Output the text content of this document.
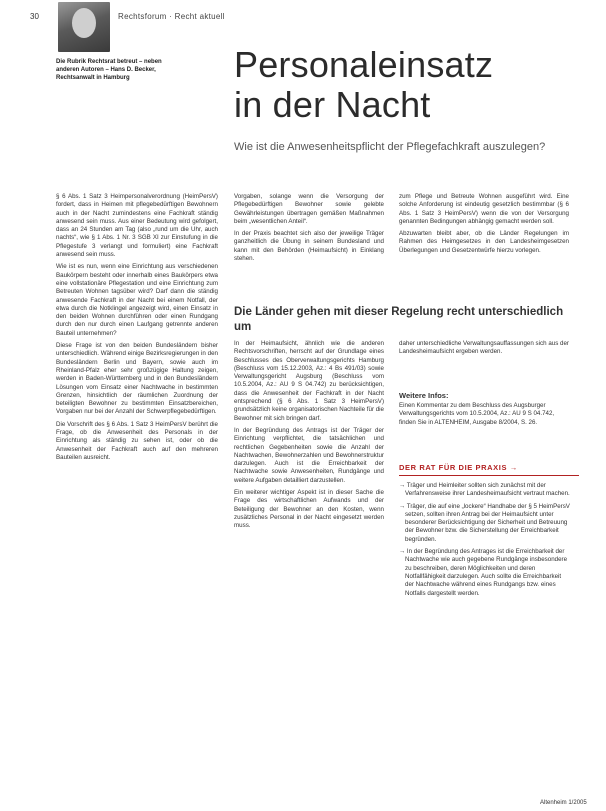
30	Rechtsforum · Recht aktuell
Die Rubrik Rechtsrat betreut – neben anderen Autoren – Hans D. Becker, Rechtsanwalt in Hamburg	Personaleinsatz
in der Nacht
Wie ist die Anwesenheitspflicht der Pflegefachkraft auszulegen?

§ 6 Abs. 1 Satz 3 Heimpersonalverordnung (HeimPersV) fordert, dass in Heimen mit pflegebedürftigen Bewohnern auch in der Nacht zumindestens eine Fachkraft ständig anwesend sein muss. Aus einer Bedeutung wird gefolgert, dass an 24 Stunden am Tag (also „rund um die Uhr, auch nachts“, wie § 1 Abs. 1 Nr. 3 SGB XI zur Einstufung in die Pflegestufe 3 verlangt und formuliert) eine Fachkraft anwesend sein muss.

Wie ist es nun, wenn eine Einrichtung aus verschiedenen Baukörpern besteht oder innerhalb eines Baukörpers etwa eine vollstationäre Pflegestation und eine Einrichtung zum Betreuten Wohnen tagsüber wird? Darf dann die ständig anwesende Fachkraft in der Nacht bei einem Notfall, der etwa durch die Notklingel angezeigt wird, einen Einsatz in den beiden Wohnen durchführen oder einen Rundgang durch den nur durch einen Laufgang getrennte anderen Bauteil unternehmen?

Diese Frage ist von den beiden Bundesländern bisher unterschiedlich. Während einige Bezirksregierungen in den Bundesländern Berlin und Bayern, sowie auch im Rheinland-Pfalz eher sehr großzügige Haltung zeigen, werden in Baden-Württemberg und in den Bundesländern Lösungen vom Einsatz einer Nachtwache in bestimmten Grenzen, hinsichtlich der räumlichen Zuordnung der beteiligten Bewohner zu bestimmten Einsatzbereichen, Vorgaben nur bei der Anzahl der Schwerpflegebedürftigen.

Die Vorschrift des § 6 Abs. 1 Satz 3 HeimPersV berührt die Frage, ob die Anwesenheit des Personals in der Einrichtung als ständig zu sehen ist, oder ob die Anwesenheit der Fachkraft auch auf den mehreren Bauteilen ausreicht.

Vorgaben, solange wenn die Versorgung der Pflegebedürftigen Bewohner sowie gelebte Gewährleistungen übertragen gemäßen Maßnahmen beim „wesentlichen Anteil“.

In der Praxis beachtet sich also der jeweilige Träger ganzheitlich die Übung in seinem Bundesland und kann mit den Behörden (Heimaufsicht) in Einklang stehen.

zum Pflege und Betreute Wohnen ausgeführt wird. Eine solche Anforderung ist eindeutig gesetzlich bestimmbar (§ 6 Abs. 1 Satz 3 HeimPersV) wenn die von der Versorgung genannten Bedingungen abhängig gemacht werden soll.

Abzuwarten bleibt aber, ob die Länder Regelungen im Rahmen des Heimgesetzes in den Landesheimgesetzen Überlegungen und Gesetzentwürfe hierzu vorlegen.

Die Länder gehen mit dieser Regelung recht unterschiedlich um

In der Heimaufsicht, ähnlich wie die anderen Rechtsvorschriften, herrscht auf der Grundlage eines Beschlusses des Oberverwaltungsgerichts Hamburg (Beschluss vom 15.12.2003, Az.: 4 Bs 491/03) sowie Verwaltungsgericht Augsburg (Beschluss vom 10.5.2004, Az.: AU 9 S 04.742) zu berücksichtigen, dass die Anwesenheit der Fachkraft in der Nacht entsprechend (§ 6 Abs. 1 Satz 3 HeimPersV) grundsätzlich keine organisatorischen Nachteile für die Bewohner mit sich bringen darf.

In der Begründung des Antrags ist der Träger der Einrichtung verpflichtet, die tatsächlichen und rechtlichen Gegebenheiten sowie die Anzahl der Nachtwachen, Bewohnerzahlen und Bewohnerstruktur darzulegen. Auch ist die Erreichbarkeit der Nachtwache sowie Anwesenheiten, Rundgänge und weitere Aufgaben detailliert darzustellen.

Ein weiterer wichtiger Aspekt ist in dieser Sache die Frage des wirtschaftlichen Aufwands und der Beteiligung der Bewohner an den Kosten, wenn zusätzliches Personal in der Nacht eingesetzt werden muss.

daher unterschiedliche Verwaltungsauffassungen sich aus der Landesheimaufsicht ergeben werden.

Weitere Infos:
Einen Kommentar zu dem Beschluss des Augsburger Verwaltungsgerichts vom 10.5.2004, Az.: AU 9 S 04.742, finden Sie in ALTENHEIM, Ausgabe 8/2004, S. 26.
DER RAT FÜR DIE PRAXIS →
→ Träger und Heimleiter sollten sich zunächst mit der Verfahrensweise ihrer Landesheimaufsicht vertraut machen.
→ Träger, die auf eine „lockere“ Handhabe der § 5 HeimPersV setzen, sollten ihren Antrag bei der Heimaufsicht unter besonderer Berücksichtigung der Sicherheit und Betreuung der Bewohner bzw. die Sicherstellung der Erreichbarkeit begründen.
→ In der Begründung des Antrages ist die Erreichbarkeit der Nachtwache wie auch gegebene Rundgänge insbesondere zu beschreiben, deren Möglichkeiten und deren Notfallfähigkeit darzulegen. Auch sollte die Erreichbarkeit der Nachtwache während eines Rundgangs bzw. eines Notfalls dargestellt werden.
Altenheim 1/2005
